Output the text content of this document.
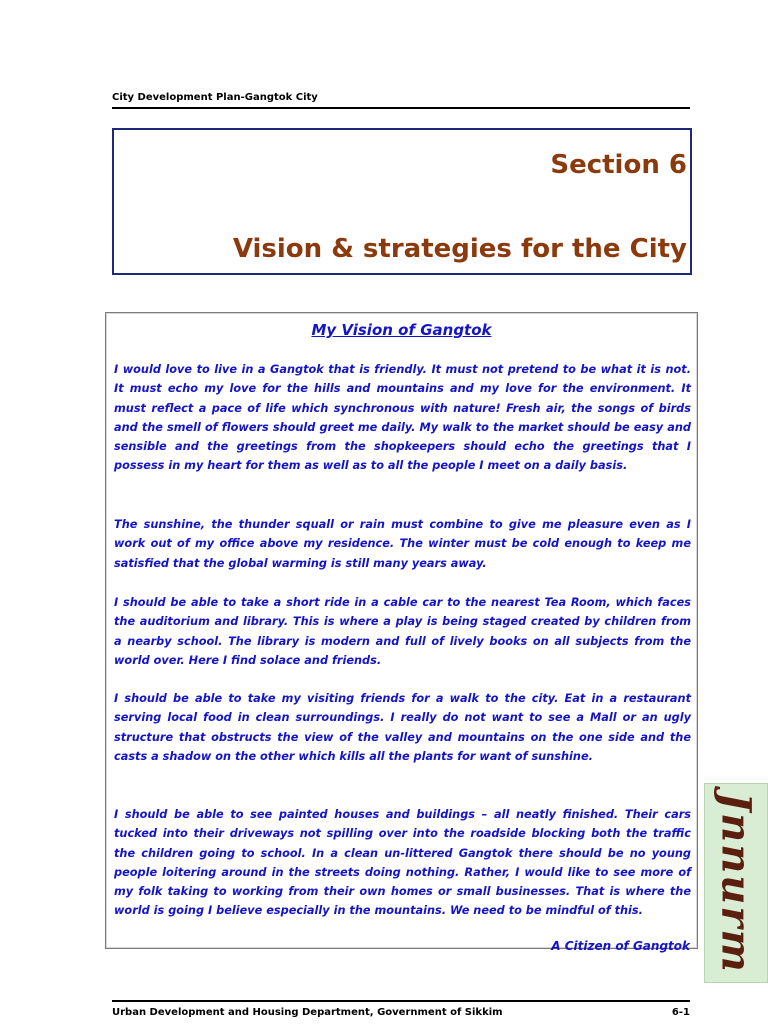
City Development Plan-Gangtok City
Section 6
Vision & strategies for the City
My Vision of Gangtok

I would love to live in a Gangtok that is friendly. It must not pretend to be what it is not. It must echo my love for the hills and mountains and my love for the environment. It must reflect a pace of life which synchronous with nature! Fresh air, the songs of birds and the smell of flowers should greet me daily. My walk to the market should be easy and sensible and the greetings from the shopkeepers should echo the greetings that I possess in my heart for them as well as to all the people I meet on a daily basis.

The sunshine, the thunder squall or rain must combine to give me pleasure even as I work out of my office above my residence. The winter must be cold enough to keep me satisfied that the global warming is still many years away.

I should be able to take a short ride in a cable car to the nearest Tea Room, which faces the auditorium and library. This is where a play is being staged created by children from a nearby school. The library is modern and full of lively books on all subjects from the world over. Here I find solace and friends.

I should be able to take my visiting friends for a walk to the city. Eat in a restaurant serving local food in clean surroundings. I really do not want to see a Mall or an ugly structure that obstructs the view of the valley and mountains on the one side and the casts a shadow on the other which kills all the plants for want of sunshine.

I should be able to see painted houses and buildings – all neatly finished. Their cars tucked into their driveways not spilling over into the roadside blocking both the traffic the children going to school. In a clean un-littered Gangtok there should be no young people loitering around in the streets doing nothing. Rather, I would like to see more of my folk taking to working from their own homes or small businesses. That is where the world is going I believe especially in the mountains. We need to be mindful of this.

A Citizen of Gangtok Jnnurm
Urban Development and Housing Department, Government of Sikkim	6-1
